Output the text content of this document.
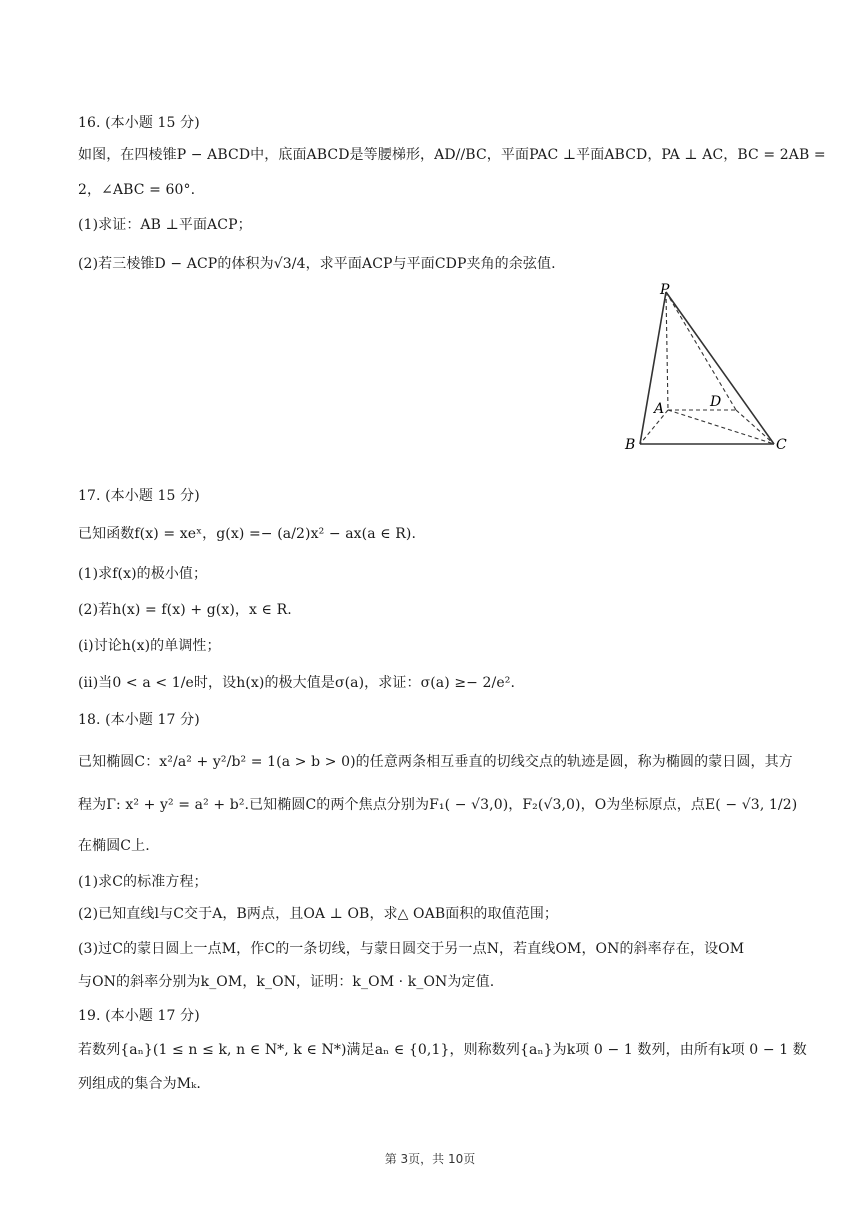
16. (本小题 15 分)
如图，在四棱锥P − ABCD中，底面ABCD是等腰梯形，AD//BC，平面PAC ⊥平面ABCD，PA ⊥ AC，BC = 2AB =
2，∠ABC = 60°.
(1)求证：AB ⊥平面ACP；
(2)若三棱锥D − ACP的体积为√3/4，求平面ACP与平面CDP夹角的余弦值.
P
A	D
B	C
17. (本小题 15 分)
已知函数f(x) = xeˣ，g(x) =− (a/2)x² − ax(a ∈ R).
(1)求f(x)的极小值；
(2)若h(x) = f(x) + g(x)，x ∈ R.
(i)讨论h(x)的单调性；
(ii)当0 < a < 1/e时，设h(x)的极大值是σ(a)，求证：σ(a) ≥− 2/e².
18. (本小题 17 分)
已知椭圆C：x²/a² + y²/b² = 1(a > b > 0)的任意两条相互垂直的切线交点的轨迹是圆，称为椭圆的蒙日圆，其方
程为Γ: x² + y² = a² + b².已知椭圆C的两个焦点分别为F₁( − √3,0)，F₂(√3,0)，O为坐标原点，点E( − √3, 1/2)
在椭圆C上.
(1)求C的标准方程；
(2)已知直线l与C交于A，B两点，且OA ⊥ OB，求△ OAB面积的取值范围；
(3)过C的蒙日圆上一点M，作C的一条切线，与蒙日圆交于另一点N，若直线OM，ON的斜率存在，设OM
与ON的斜率分别为k_OM，k_ON，证明：k_OM · k_ON为定值.
19. (本小题 17 分)
若数列{aₙ}(1 ≤ n ≤ k, n ∈ N*, k ∈ N*)满足aₙ ∈ {0,1}，则称数列{aₙ}为k项 0 − 1 数列，由所有k项 0 − 1 数
列组成的集合为Mₖ.
第 3页，共 10页
